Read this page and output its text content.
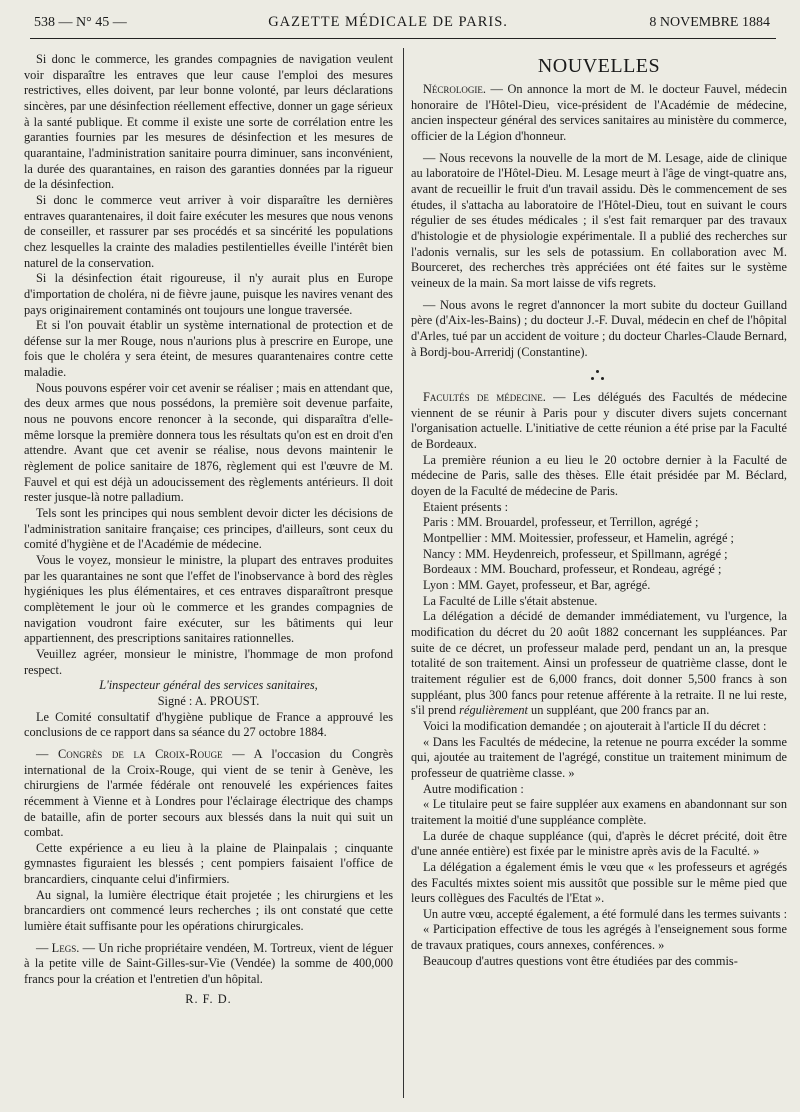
538 — N° 45 —	GAZETTE MÉDICALE DE PARIS.	8 NOVEMBRE 1884

Si donc le commerce, les grandes compagnies de navigation veulent voir disparaître les entraves que leur cause l'emploi des mesures restrictives, elles doivent, par leur bonne volonté, par leurs déclarations sincères, par une désinfection réellement effective, donner un gage sérieux à la santé publique. Et comme il existe une sorte de corrélation entre les garanties fournies par les mesures de désinfection et les mesures de quarantaine, l'administration sanitaire pourra diminuer, sans inconvénient, la durée des quarantaines, en raison des garanties données par la rigueur de la désinfection.

Si donc le commerce veut arriver à voir disparaître les dernières entraves quarantenaires, il doit faire exécuter les mesures que nous venons de conseiller, et rassurer par ses procédés et sa sincérité les populations chez lesquelles la crainte des maladies pestilentielles éveille l'intérêt bien naturel de la conservation.

Si la désinfection était rigoureuse, il n'y aurait plus en Europe d'importation de choléra, ni de fièvre jaune, puisque les navires venant des pays originairement contaminés ont toujours une longue traversée.

Et si l'on pouvait établir un système international de protection et de défense sur la mer Rouge, nous n'aurions plus à prescrire en Europe, une fois que le choléra y sera éteint, de mesures quarantenaires contre cette maladie.

Nous pouvons espérer voir cet avenir se réaliser ; mais en attendant que, des deux armes que nous possédons, la première soit devenue parfaite, nous ne pouvons encore renoncer à la seconde, qui disparaîtra d'elle-même lorsque la première donnera tous les résultats qu'on est en droit d'en attendre. Avant que cet avenir se réalise, nous devons maintenir le règlement de police sanitaire de 1876, règlement qui est l'œuvre de M. Fauvel et qui est déjà un adoucissement des règlements antérieurs. Il doit rester jusque-là notre palladium.

Tels sont les principes qui nous semblent devoir dicter les décisions de l'administration sanitaire française; ces principes, d'ailleurs, sont ceux du comité d'hygiène et de l'Académie de médecine.

Vous le voyez, monsieur le ministre, la plupart des entraves produites par les quarantaines ne sont que l'effet de l'inobservance à bord des règles hygiéniques les plus élémentaires, et ces entraves disparaîtront presque complètement le jour où le commerce et les grandes compagnies de navigation voudront faire exécuter, sur les bâtiments qui leur appartiennent, des prescriptions sanitaires rationnelles.

Veuillez agréer, monsieur le ministre, l'hommage de mon profond respect.

L'inspecteur général des services sanitaires,

Signé : A. PROUST.

Le Comité consultatif d'hygiène publique de France a approuvé les conclusions de ce rapport dans sa séance du 27 octobre 1884.

— Congrès de la Croix-Rouge — A l'occasion du Congrès international de la Croix-Rouge, qui vient de se tenir à Genève, les chirurgiens de l'armée fédérale ont renouvelé les expériences faites récemment à Vienne et à Londres pour l'éclairage électrique des champs de bataille, afin de porter secours aux blessés dans la nuit qui suit un combat.

Cette expérience a eu lieu à la plaine de Plainpalais ; cinquante gymnastes figuraient les blessés ; cent pompiers faisaient l'office de brancardiers, cinquante celui d'infirmiers.

Au signal, la lumière électrique était projetée ; les chirurgiens et les brancardiers ont commencé leurs recherches ; ils ont constaté que cette lumière était suffisante pour les opérations chirurgicales.

— Legs. — Un riche propriétaire vendéen, M. Tortreux, vient de léguer à la petite ville de Saint-Gilles-sur-Vie (Vendée) la somme de 400,000 francs pour la création et l'entretien d'un hôpital.

R. F. D.

NOUVELLES

Nécrologie. — On annonce la mort de M. le docteur Fauvel, médecin honoraire de l'Hôtel-Dieu, vice-président de l'Académie de médecine, ancien inspecteur général des services sanitaires au ministère du commerce, officier de la Légion d'honneur.

— Nous recevons la nouvelle de la mort de M. Lesage, aide de clinique au laboratoire de l'Hôtel-Dieu. M. Lesage meurt à l'âge de vingt-quatre ans, avant de recueillir le fruit d'un travail assidu. Dès le commencement de ses études, il s'attacha au laboratoire de l'Hôtel-Dieu, tout en suivant le cours régulier de ses études médicales ; il s'est fait remarquer par des travaux d'histologie et de physiologie expérimentale. Il a publié des recherches sur l'adonis vernalis, sur les sels de potassium. En collaboration avec M. Bourceret, des recherches très appréciées ont été faites sur le système veineux de la main. Sa mort laisse de vifs regrets.

— Nous avons le regret d'annoncer la mort subite du docteur Guilland père (d'Aix-les-Bains) ; du docteur J.-F. Duval, médecin en chef de l'hôpital d'Arles, tué par un accident de voiture ; du docteur Charles-Claude Bernard, à Bordj-bou-Arreridj (Constantine).

Facultés de médecine. — Les délégués des Facultés de médecine viennent de se réunir à Paris pour y discuter divers sujets concernant l'organisation actuelle. L'initiative de cette réunion a été prise par la Faculté de Bordeaux.

La première réunion a eu lieu le 20 octobre dernier à la Faculté de médecine de Paris, salle des thèses. Elle était présidée par M. Béclard, doyen de la Faculté de médecine de Paris.

Etaient présents :

Paris : MM. Brouardel, professeur, et Terrillon, agrégé ;

Montpellier : MM. Moitessier, professeur, et Hamelin, agrégé ;

Nancy : MM. Heydenreich, professeur, et Spillmann, agrégé ;

Bordeaux : MM. Bouchard, professeur, et Rondeau, agrégé ;

Lyon : MM. Gayet, professeur, et Bar, agrégé.

La Faculté de Lille s'était abstenue.

La délégation a décidé de demander immédiatement, vu l'urgence, la modification du décret du 20 août 1882 concernant les suppléances. Par suite de ce décret, un professeur malade perd, pendant un an, la presque totalité de son traitement. Ainsi un professeur de quatrième classe, dont le traitement régulier est de 6,000 francs, doit donner 5,500 francs à son suppléant, plus 300 fancs pour retenue afférente à la retraite. Il ne lui reste, s'il prend régulièrement un suppléant, que 200 francs par an.

Voici la modification demandée ; on ajouterait à l'article II du décret :

« Dans les Facultés de médecine, la retenue ne pourra excéder la somme qui, ajoutée au traitement de l'agrégé, constitue un traitement minimum de professeur de quatrième classe. »

Autre modification :

« Le titulaire peut se faire suppléer aux examens en abandonnant sur son traitement la moitié d'une suppléance complète.

La durée de chaque suppléance (qui, d'après le décret précité, doit être d'une année entière) est fixée par le ministre après avis de la Faculté. »

La délégation a également émis le vœu que « les professeurs et agrégés des Facultés mixtes soient mis aussitôt que possible sur le même pied que leurs collègues des Facultés de l'Etat ».

Un autre vœu, accepté également, a été formulé dans les termes suivants :

« Participation effective de tous les agrégés à l'enseignement sous forme de travaux pratiques, cours annexes, conférences. »

Beaucoup d'autres questions vont être étudiées par des commis-
